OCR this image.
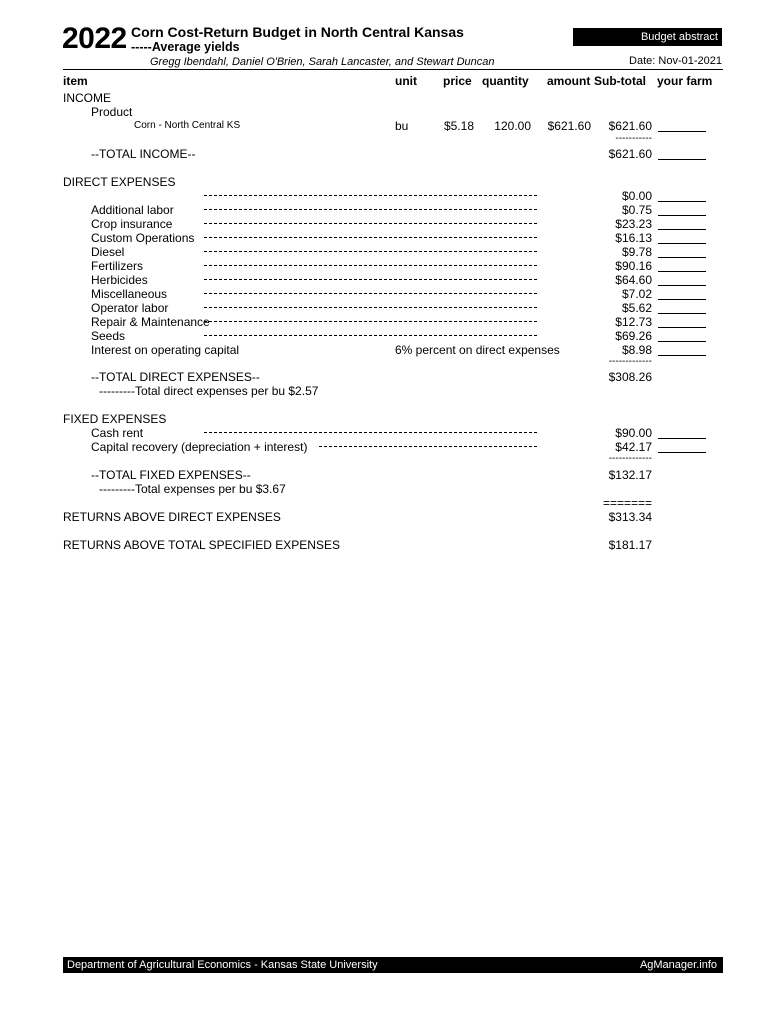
2022 Corn Cost-Return Budget in North Central Kansas
-----Average yields
Gregg Ibendahl, Daniel O'Brien, Sarah Lancaster, and Stewart Duncan
Budget abstract
Date: Nov-01-2021
item	unit price quantity amount Sub-total your farm
INCOME
Product
Corn - North Central KS	bu	$5.18 120.00 $621.60 $621.60
-----------
--TOTAL INCOME--	$621.60
DIRECT EXPENSES
$0.00
Additional labor	$0.75
Crop insurance	$23.23
Custom Operations	$16.13
Diesel	$9.78
Fertilizers	$90.16
Herbicides	$64.60
Miscellaneous	$7.02
Operator labor	$5.62
Repair & Maintenance	$12.73
Seeds	$69.26
Interest on operating capital	6% percent on direct expenses	$8.98
-------------
--TOTAL DIRECT EXPENSES--	$308.26
---------Total direct expenses per bu $2.57
FIXED EXPENSES
Cash rent	$90.00
Capital recovery (depreciation + interest)	$42.17
-------------
--TOTAL FIXED EXPENSES--	$132.17
---------Total expenses per bu $3.67
=======
RETURNS ABOVE DIRECT EXPENSES	$313.34
RETURNS ABOVE TOTAL SPECIFIED EXPENSES	$181.17
Department of Agricultural Economics - Kansas State University	AgManager.info
